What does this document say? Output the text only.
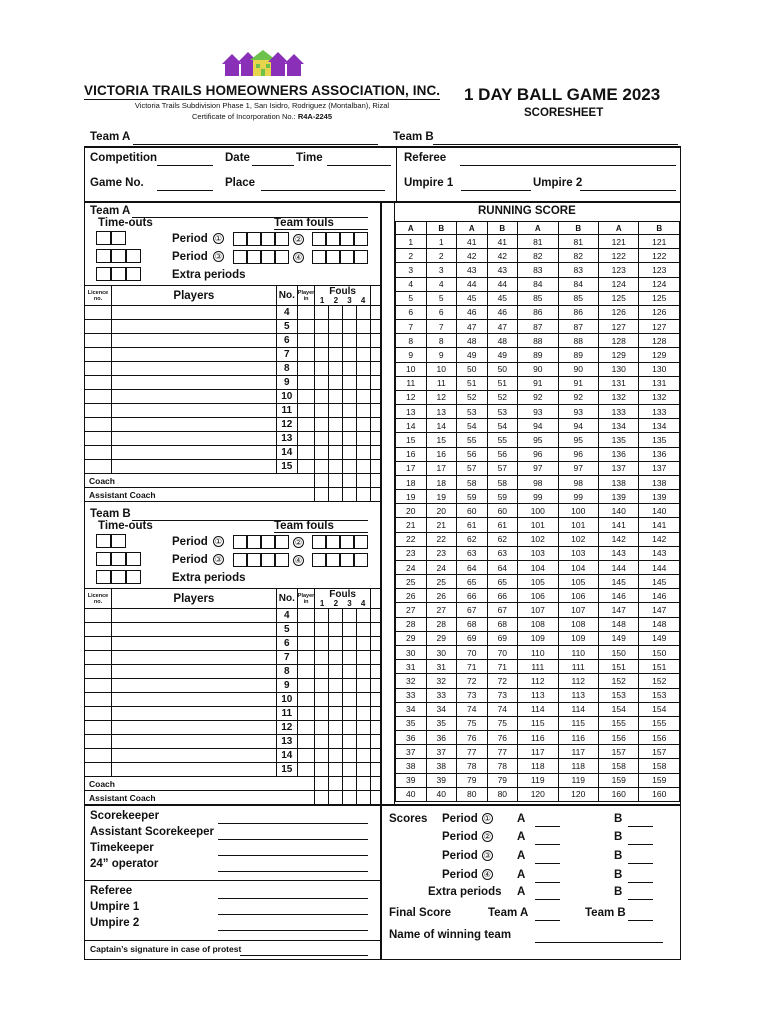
VICTORIA TRAILS HOMEOWNERS ASSOCIATION, INC.
Victoria Trails Subdivision Phase 1, San Isidro, Rodriguez (Montalban), Rizal
Certificate of Incorporation No.: R4A-2245
1 DAY BALL GAME 2023
SCORESHEET
Team A	Team B
Competition	Date	Time	Referee
Game No.	Place	Umpire 1	Umpire 2
Team A
Time-outs	Team fouls
Period ①	②
Period ③	④
Extra periods
Licence no.	Players	No.	Player in	Fouls
1 2 3 4				

		4						
		5						
		6						
		7						
		8						
		9						
		10						
		11						
		12						
		13						
		14						
		15						
Coach								
Assistant Coach								
Team B
Time-outs	Team fouls
Period ①	②
Period ③	④
Extra periods
Licence no.	Players	No.	Player in	Fouls
1 2 3 4				

		4						
		5						
		6						
		7						
		8						
		9						
		10						
		11						
		12						
		13						
		14						
		15						
Coach								
Assistant Coach								
RUNNING SCORE
A	B	A	B	A	B	A	B
1	1	41	41	81	81	121	121
2	2	42	42	82	82	122	122
3	3	43	43	83	83	123	123
4	4	44	44	84	84	124	124
5	5	45	45	85	85	125	125
6	6	46	46	86	86	126	126
7	7	47	47	87	87	127	127
8	8	48	48	88	88	128	128
9	9	49	49	89	89	129	129
10	10	50	50	90	90	130	130
11	11	51	51	91	91	131	131
12	12	52	52	92	92	132	132
13	13	53	53	93	93	133	133
14	14	54	54	94	94	134	134
15	15	55	55	95	95	135	135
16	16	56	56	96	96	136	136
17	17	57	57	97	97	137	137
18	18	58	58	98	98	138	138
19	19	59	59	99	99	139	139
20	20	60	60	100	100	140	140
21	21	61	61	101	101	141	141
22	22	62	62	102	102	142	142
23	23	63	63	103	103	143	143
24	24	64	64	104	104	144	144
25	25	65	65	105	105	145	145
26	26	66	66	106	106	146	146
27	27	67	67	107	107	147	147
28	28	68	68	108	108	148	148
29	29	69	69	109	109	149	149
30	30	70	70	110	110	150	150
31	31	71	71	111	111	151	151
32	32	72	72	112	112	152	152
33	33	73	73	113	113	153	153
34	34	74	74	114	114	154	154
35	35	75	75	115	115	155	155
36	36	76	76	116	116	156	156
37	37	77	77	117	117	157	157
38	38	78	78	118	118	158	158
39	39	79	79	119	119	159	159
40	40	80	80	120	120	160	160
Scorekeeper
Assistant Scorekeeper
Timekeeper
24” operator
Referee
Umpire 1
Umpire 2
Captain’s signature in case of protest
Scores Period ① A	B
Period ② A	B
Period ③ A	B
Period ④ A	B
Extra periods A	B
Final Score	Team A	Team B
Name of winning team
